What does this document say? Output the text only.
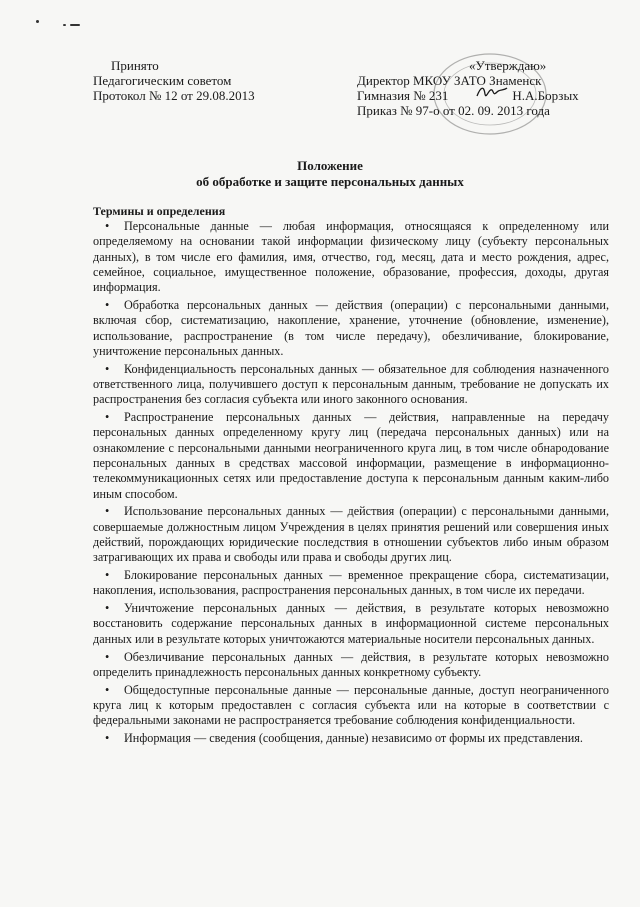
Принято
Педагогическим советом
Протокол № 12 от 29.08.2013
«Утверждаю»
Директор МКОУ ЗАТО Знаменск
Гимназия № 231	Н.А.Борзых
Приказ № 97-о от 02. 09. 2013 года
Положение
об обработке и защите персональных данных
Термины и определения

• Персональные данные — любая информация, относящаяся к определенному или определяемому на основании такой информации физическому лицу (субъекту персональных данных), в том числе его фамилия, имя, отчество, год, месяц, дата и место рождения, адрес, семейное, социальное, имущественное положение, образование, профессия, доходы, другая информация.

• Обработка персональных данных — действия (операции) с персональными данными, включая сбор, систематизацию, накопление, хранение, уточнение (обновление, изменение), использование, распространение (в том числе передачу), обезличивание, блокирование, уничтожение персональных данных.

• Конфиденциальность персональных данных — обязательное для соблюдения назначенного ответственного лица, получившего доступ к персональным данным, требование не допускать их распространения без согласия субъекта или иного законного основания.

• Распространение персональных данных — действия, направленные на передачу персональных данных определенному кругу лиц (передача персональных данных) или на ознакомление с персональными данными неограниченного круга лиц, в том числе обнародование персональных данных в средствах массовой информации, размещение в информационно-телекоммуникационных сетях или предоставление доступа к персональным данным каким-либо иным способом.

• Использование персональных данных — действия (операции) с персональными данными, совершаемые должностным лицом Учреждения в целях принятия решений или совершения иных действий, порождающих юридические последствия в отношении субъектов либо иным образом затрагивающих их права и свободы или права и свободы других лиц.

• Блокирование персональных данных — временное прекращение сбора, систематизации, накопления, использования, распространения персональных данных, в том числе их передачи.

• Уничтожение персональных данных — действия, в результате которых невозможно восстановить содержание персональных данных в информационной системе персональных данных или в результате которых уничтожаются материальные носители персональных данных.

• Обезличивание персональных данных — действия, в результате которых невозможно определить принадлежность персональных данных конкретному субъекту.

• Общедоступные персональные данные — персональные данные, доступ неограниченного круга лиц к которым предоставлен с согласия субъекта или на которые в соответствии с федеральными законами не распространяется требование соблюдения конфиденциальности.

• Информация — сведения (сообщения, данные) независимо от формы их представления.
